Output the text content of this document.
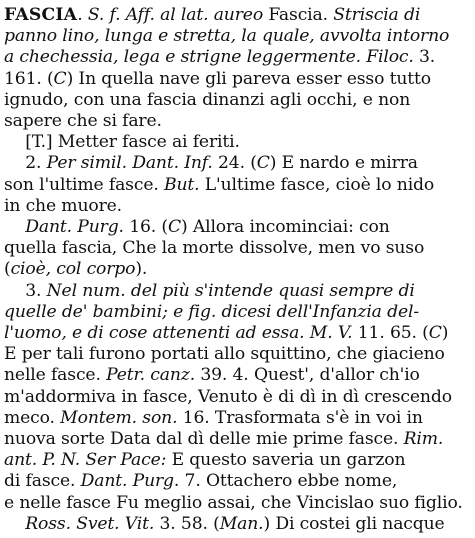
FASCIA. S. f. Aff. al lat. aureo Fascia. Striscia di
panno lino, lunga e stretta, la quale, avvolta intorno
a chechessia, lega e strigne leggermente. Filoc. 3.
161. (C) In quella nave gli pareva esser esso tutto
ignudo, con una fascia dinanzi agli occhi, e non
sapere che si fare.
[T.] Metter fasce ai feriti.
2. Per simil. Dant. Inf. 24. (C) E nardo e mirra
son l'ultime fasce. But. L'ultime fasce, cioè lo nido
in che muore.
Dant. Purg. 16. (C) Allora incominciai: con
quella fascia, Che la morte dissolve, men vo suso
(cioè, col corpo).
3. Nel num. del più s'intende quasi sempre di
quelle de' bambini; e fig. dicesi dell'Infanzia del-
l'uomo, e di cose attenenti ad essa. M. V. 11. 65. (C)
E per tali furono portati allo squittino, che giacieno
nelle fasce. Petr. canz. 39. 4. Quest', d'allor ch'io
m'addormiva in fasce, Venuto è di dì in dì crescendo
meco. Montem. son. 16. Trasformata s'è in voi in
nuova sorte Data dal dì delle mie prime fasce. Rim.
ant. P. N. Ser Pace: E questo saveria un garzon
di fasce. Dant. Purg. 7. Ottachero ebbe nome,
e nelle fasce Fu meglio assai, che Vincislao suo figlio.
Ross. Svet. Vit. 3. 58. (Man.) Di costei gli nacque
